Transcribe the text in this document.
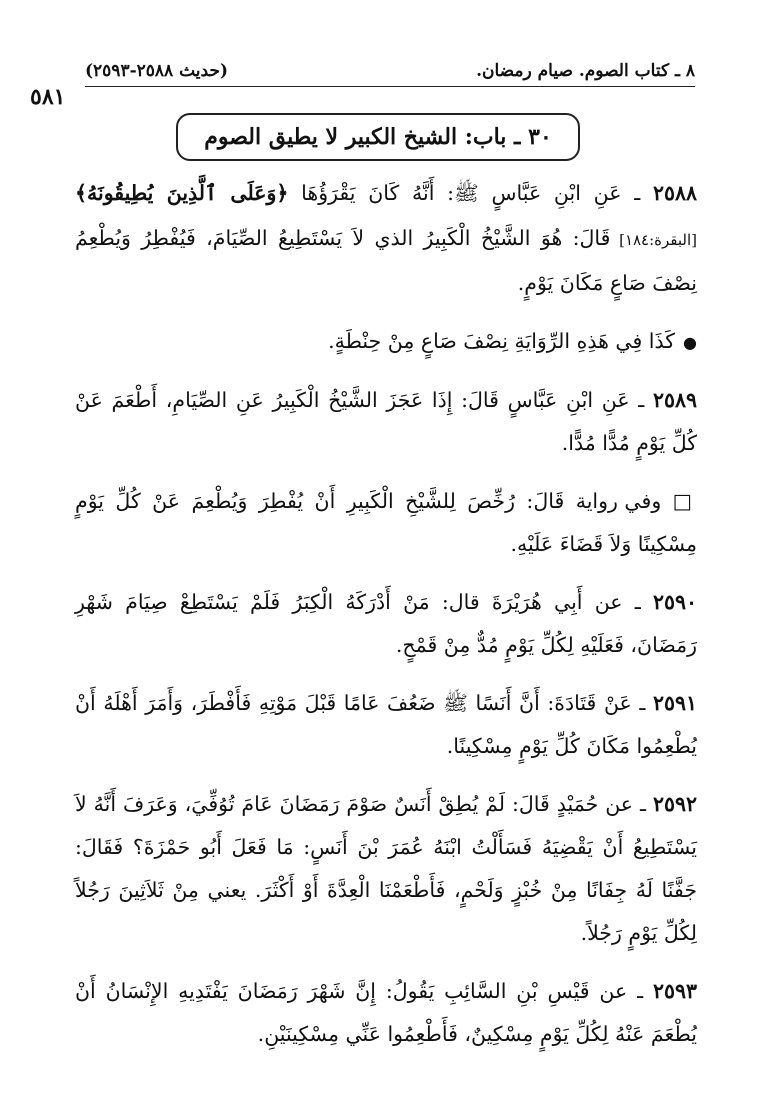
٨ ـ كتاب الصوم. صيام رمضان.
(حديث ٢٥٨٨-٢٥٩٣)
٥٨١
٣٠ ـ باب: الشيخ الكبير لا يطيق الصوم

٢٥٨٨ ـ عَنِ ابْنِ عَبَّاسٍ ﷺ: أَنَّهُ كَانَ يَقْرَؤُهَا ﴿وَعَلَى ٱلَّذِينَ يُطِيقُونَهُ﴾ [البقرة:١٨٤] قَالَ: هُوَ الشَّيْخُ الْكَبِيرُ الذي لاَ يَسْتَطِيعُ الصِّيَامَ، فَيُفْطِرُ وَيُطْعِمُ نِصْفَ صَاعٍ مَكَانَ يَوْمٍ.

●كَذَا فِي هَذِهِ الرِّوَايَةِ نِصْفَ صَاعٍ مِنْ حِنْطَةٍ.

٢٥٨٩ ـ عَنِ ابْنِ عَبَّاسٍ قَالَ: إِذَا عَجَزَ الشَّيْخُ الْكَبِيرُ عَنِ الصِّيَامِ، أَطْعَمَ عَنْ كُلِّ يَوْمٍ مُدًّا مُدًّا.

□ وفي رواية قَالَ: رُخِّصَ لِلشَّيْخِ الْكَبِيرِ أَنْ يُفْطِرَ وَيُطْعِمَ عَنْ كُلِّ يَوْمٍ مِسْكِينًا وَلاَ قَضَاءَ عَلَيْهِ.

٢٥٩٠ ـ عن أَبِي هُرَيْرَةَ قال: مَنْ أَدْرَكَهُ الْكِبَرُ فَلَمْ يَسْتَطِعْ صِيَامَ شَهْرِ رَمَضَانَ، فَعَلَيْهِ لِكُلِّ يَوْمٍ مُدٌّ مِنْ قَمْحٍ.

٢٥٩١ ـ عَنْ قَتَادَةَ: أَنَّ أَنَسًا ﷺ ضَعُفَ عَامًا قَبْلَ مَوْتِهِ فَأَفْطَرَ، وَأَمَرَ أَهْلَهُ أَنْ يُطْعِمُوا مَكَانَ كُلِّ يَوْمٍ مِسْكِينًا.

٢٥٩٢ ـ عن حُمَيْدٍ قَالَ: لَمْ يُطِقْ أَنَسٌ صَوْمَ رَمَضَانَ عَامَ تُوُفِّيَ، وَعَرَفَ أَنَّهُ لاَ يَسْتَطِيعُ أَنْ يَقْضِيَهُ فَسَأَلْتُ ابْنَهُ عُمَرَ بْنَ أَنَسٍ: مَا فَعَلَ أَبُو حَمْزَةَ؟ فَقَالَ: جَفَّنًا لَهُ جِفَانًا مِنْ خُبْزٍ وَلَحْمٍ، فَأَطْعَمْنَا الْعِدَّةَ أَوْ أَكْثَرَ. يعني مِنْ ثَلاَثِينَ رَجُلاً لِكُلِّ يَوْمٍ رَجُلاً.

٢٥٩٣ ـ عن قَيْسِ بْنِ السَّائِبِ يَقُولُ: إِنَّ شَهْرَ رَمَضَانَ يَفْتَدِيهِ الإِنْسَانُ أَنْ يُطْعَمَ عَنْهُ لِكُلِّ يَوْمٍ مِسْكِينٌ، فَأَطْعِمُوا عَنِّي مِسْكِينَيْنِ.
